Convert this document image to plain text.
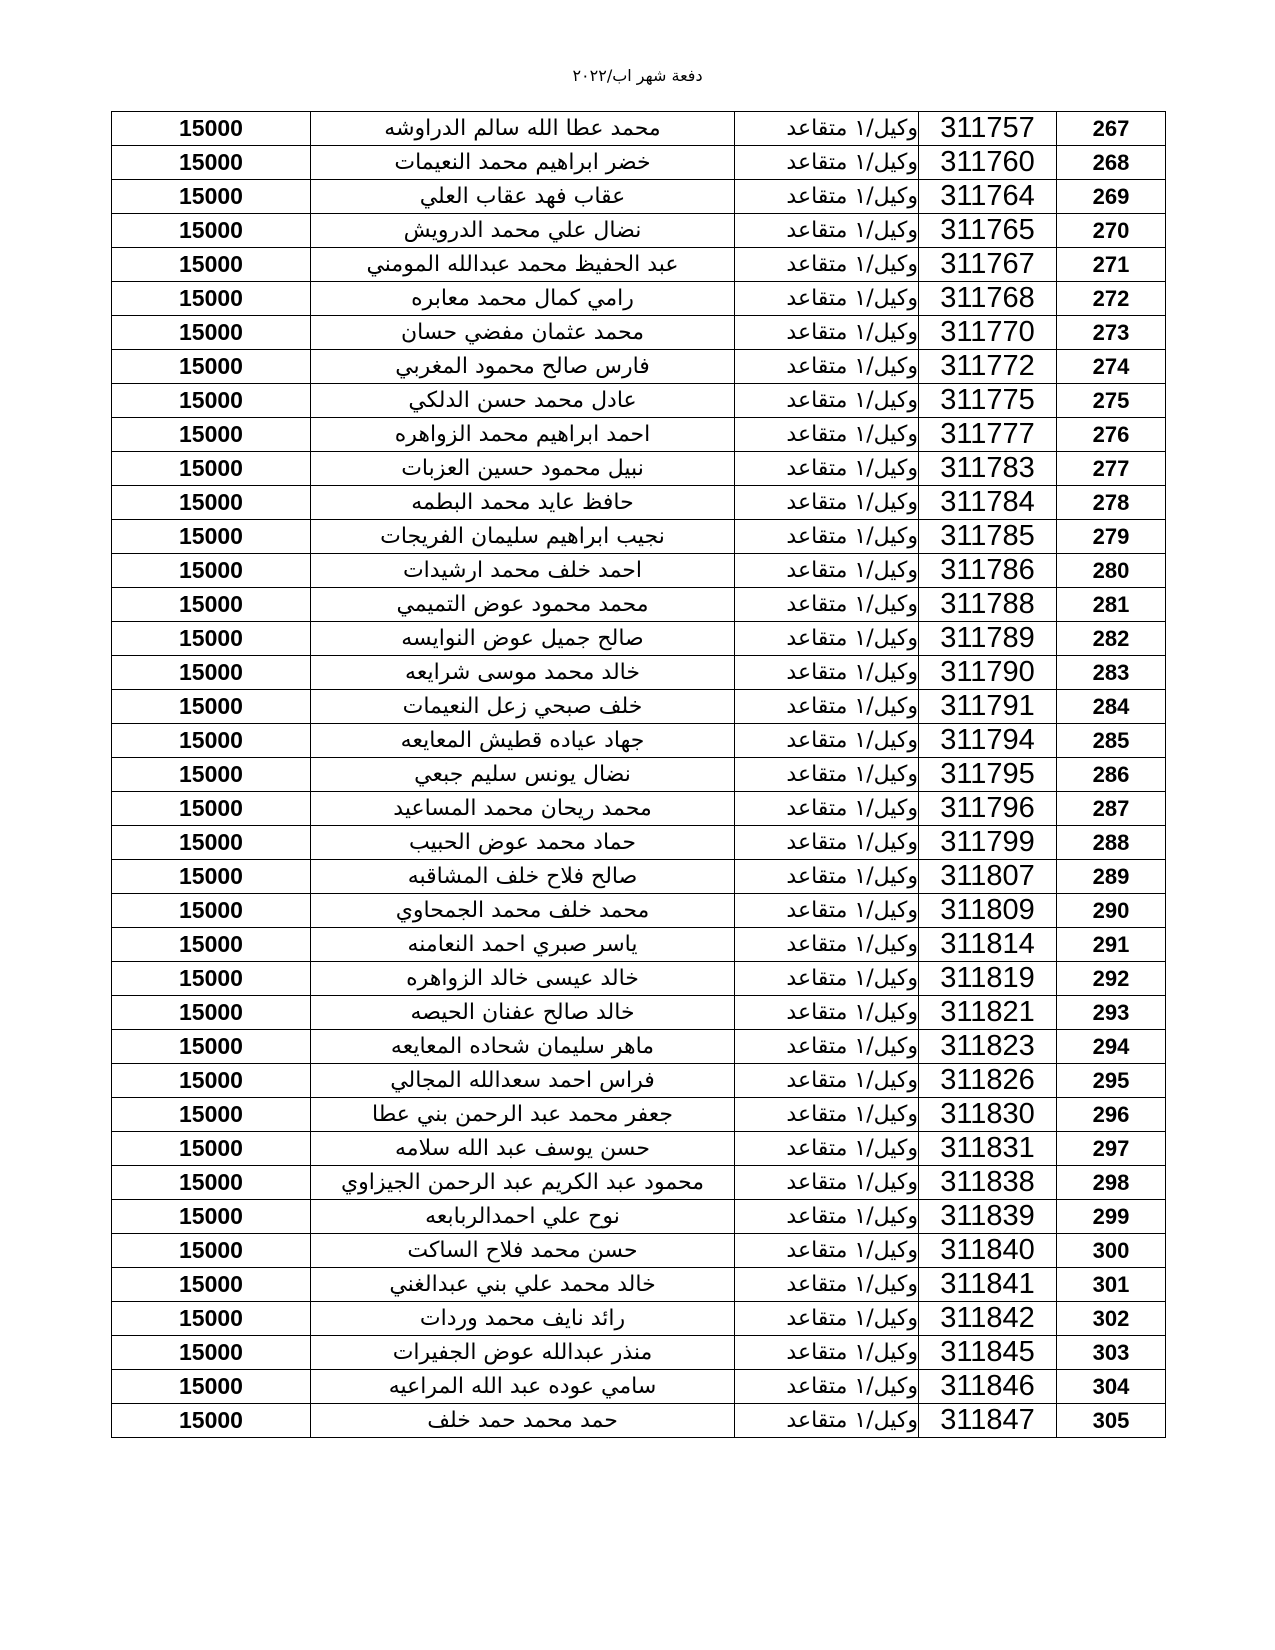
دفعة شهر اب/٢٠٢٢
15000	محمد عطا الله سالم الدراوشه	وكيل/١ متقاعد	311757	267
15000	خضر ابراهيم محمد النعيمات	وكيل/١ متقاعد	311760	268
15000	عقاب فهد عقاب العلي	وكيل/١ متقاعد	311764	269
15000	نضال علي محمد الدرويش	وكيل/١ متقاعد	311765	270
15000	عبد الحفيظ محمد عبدالله المومني	وكيل/١ متقاعد	311767	271
15000	رامي كمال محمد معابره	وكيل/١ متقاعد	311768	272
15000	محمد عثمان مفضي حسان	وكيل/١ متقاعد	311770	273
15000	فارس صالح محمود المغربي	وكيل/١ متقاعد	311772	274
15000	عادل محمد حسن الدلكي	وكيل/١ متقاعد	311775	275
15000	احمد ابراهيم محمد الزواهره	وكيل/١ متقاعد	311777	276
15000	نبيل محمود حسين العزبات	وكيل/١ متقاعد	311783	277
15000	حافظ عايد محمد البطمه	وكيل/١ متقاعد	311784	278
15000	نجيب ابراهيم سليمان الفريجات	وكيل/١ متقاعد	311785	279
15000	احمد خلف محمد ارشيدات	وكيل/١ متقاعد	311786	280
15000	محمد محمود عوض التميمي	وكيل/١ متقاعد	311788	281
15000	صالح جميل عوض النوايسه	وكيل/١ متقاعد	311789	282
15000	خالد محمد موسى شرايعه	وكيل/١ متقاعد	311790	283
15000	خلف صبحي زعل النعيمات	وكيل/١ متقاعد	311791	284
15000	جهاد عياده قطيش المعايعه	وكيل/١ متقاعد	311794	285
15000	نضال يونس سليم جبعي	وكيل/١ متقاعد	311795	286
15000	محمد ريحان محمد المساعيد	وكيل/١ متقاعد	311796	287
15000	حماد محمد عوض الحبيب	وكيل/١ متقاعد	311799	288
15000	صالح فلاح خلف المشاقبه	وكيل/١ متقاعد	311807	289
15000	محمد خلف محمد الجمحاوي	وكيل/١ متقاعد	311809	290
15000	ياسر صبري احمد النعامنه	وكيل/١ متقاعد	311814	291
15000	خالد عيسى خالد الزواهره	وكيل/١ متقاعد	311819	292
15000	خالد صالح عفنان الحيصه	وكيل/١ متقاعد	311821	293
15000	ماهر سليمان شحاده المعايعه	وكيل/١ متقاعد	311823	294
15000	فراس احمد سعدالله المجالي	وكيل/١ متقاعد	311826	295
15000	جعفر محمد عبد الرحمن بني عطا	وكيل/١ متقاعد	311830	296
15000	حسن يوسف عبد الله سلامه	وكيل/١ متقاعد	311831	297
15000	محمود عبد الكريم عبد الرحمن الجيزاوي	وكيل/١ متقاعد	311838	298
15000	نوح علي احمدالربابعه	وكيل/١ متقاعد	311839	299
15000	حسن محمد فلاح الساكت	وكيل/١ متقاعد	311840	300
15000	خالد محمد علي بني عبدالغني	وكيل/١ متقاعد	311841	301
15000	رائد نايف محمد وردات	وكيل/١ متقاعد	311842	302
15000	منذر عبدالله عوض الجفيرات	وكيل/١ متقاعد	311845	303
15000	سامي عوده عبد الله المراعيه	وكيل/١ متقاعد	311846	304
15000	حمد محمد حمد خلف	وكيل/١ متقاعد	311847	305
